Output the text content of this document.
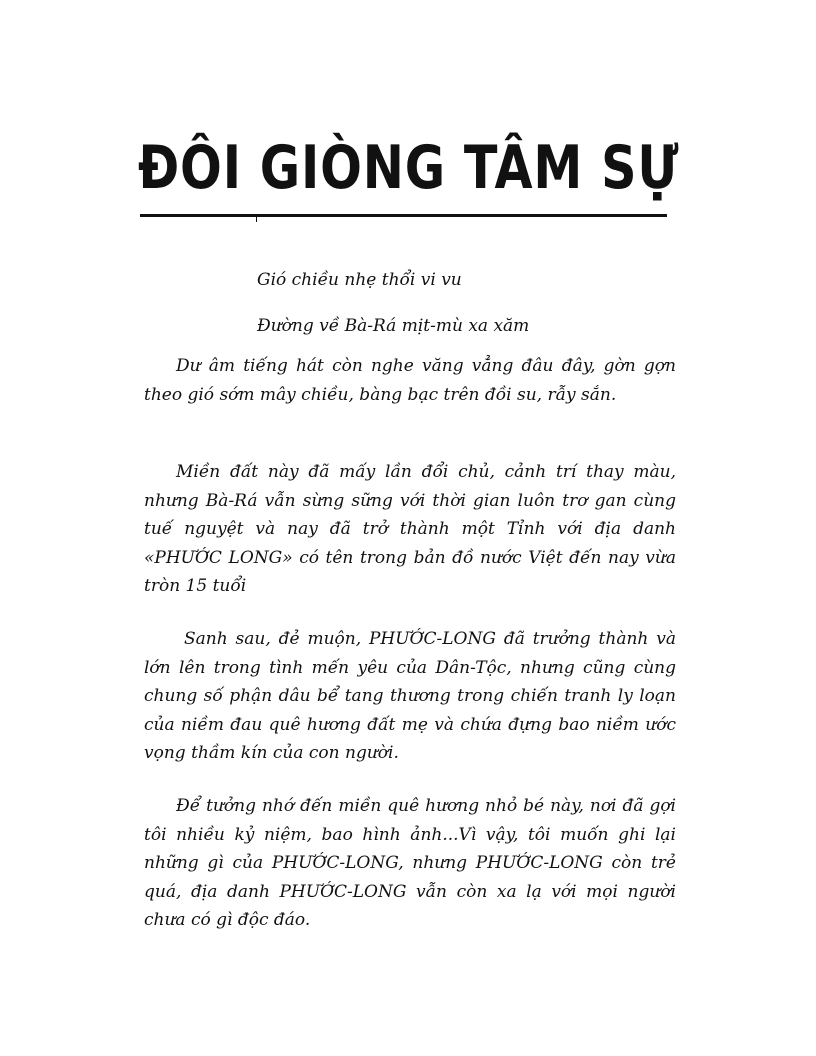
ĐÔI GIÒNG TÂM SỰ

Gió chiều nhẹ thổi vi vu

Đường về Bà-Rá mịt-mù xa xăm

Dư âm tiếng hát còn nghe văng vẳng đâu đây, gờn gợn theo gió sớm mây chiều, bàng bạc trên đồi su, rẫy sắn.

Miền đất này đã mấy lần đổi chủ, cảnh trí thay màu, nhưng Bà-Rá vẫn sừng sững với thời gian luôn trơ gan cùng tuế nguyệt và nay đã trở thành một Tỉnh với địa danh «PHƯỚC LONG» có tên trong bản đồ nước Việt đến nay vừa tròn 15 tuổi

Sanh sau, đẻ muộn, PHƯỚC-LONG đã trưởng thành và lớn lên trong tình mến yêu của Dân-Tộc, nhưng cũng cùng chung số phận dâu bể tang thương trong chiến tranh ly loạn của niềm đau quê hương đất mẹ và chứa đựng bao niềm ước vọng thầm kín của con người.

Để tưởng nhớ đến miền quê hương nhỏ bé này, nơi đã gợi tôi nhiều kỷ niệm, bao hình ảnh...Vì vậy, tôi muốn ghi lại những gì của PHƯỚC-LONG, nhưng PHƯỚC-LONG còn trẻ quá, địa danh PHƯỚC-LONG vẫn còn xa lạ với mọi người chưa có gì độc đáo.
